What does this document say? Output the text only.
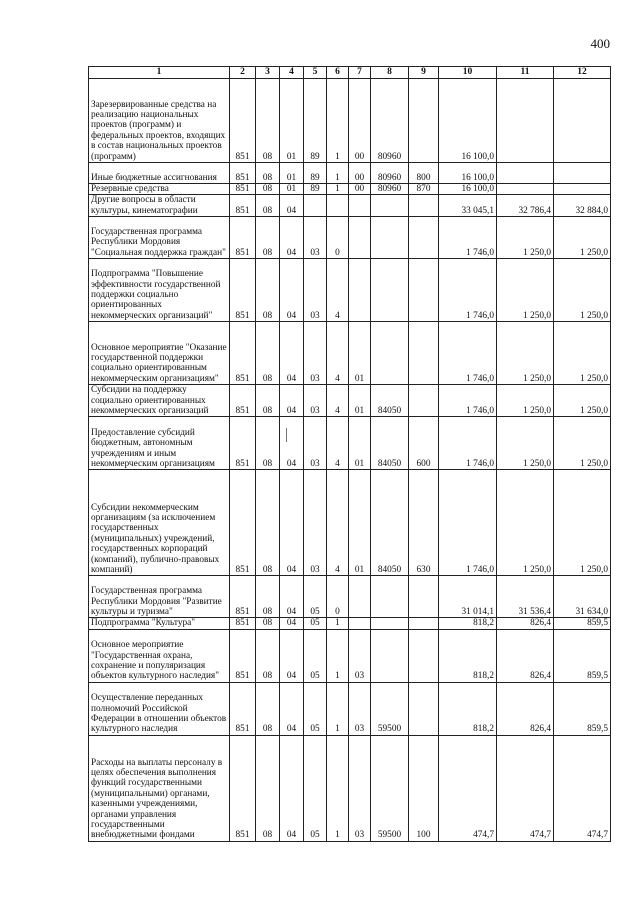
400
1	2	3	4	5	6	7	8	9	10	11	12
Зарезервированные средства на реализацию национальных проектов (программ) и федеральных проектов, входящих в состав национальных проектов (программ)	851	08	01	89	1	00	80960		16 100,0		
Иные бюджетные ассигнования	851	08	01	89	1	00	80960	800	16 100,0		
Резервные средства	851	08	01	89	1	00	80960	870	16 100,0		
Другие вопросы в области культуры, кинематографии	851	08	04						33 045,1	32 786,4	32 884,0
Государственная программа Республики Мордовия "Социальная поддержка граждан"	851	08	04	03	0				1 746,0	1 250,0	1 250,0
Подпрограмма "Повышение эффективности государственной поддержки социально ориентированных некоммерческих организаций"	851	08	04	03	4				1 746,0	1 250,0	1 250,0
Основное мероприятие "Оказание государственной поддержки социально ориентированным некоммерческим организациям"	851	08	04	03	4	01			1 746,0	1 250,0	1 250,0
Субсидии на поддержку социально ориентированных некоммерческих организаций	851	08	04	03	4	01	84050		1 746,0	1 250,0	1 250,0
Предоставление субсидий бюджетным, автономным учреждениям и иным некоммерческим организациям	851	08	04	03	4	01	84050	600	1 746,0	1 250,0	1 250,0
Субсидии некоммерческим организациям (за исключением государственных (муниципальных) учреждений, государственных корпораций (компаний), публично-правовых компаний)	851	08	04	03	4	01	84050	630	1 746,0	1 250,0	1 250,0
Государственная программа Республики Мордовия "Развитие культуры и туризма"	851	08	04	05	0				31 014,1	31 536,4	31 634,0
Подпрограмма "Культура"	851	08	04	05	1				818,2	826,4	859,5
Основное мероприятие "Государственная охрана, сохранение и популяризация объектов культурного наследия"	851	08	04	05	1	03			818,2	826,4	859,5
Осуществление переданных полномочий Российской Федерации в отношении объектов культурного наследия	851	08	04	05	1	03	59500		818,2	826,4	859,5
Расходы на выплаты персоналу в целях обеспечения выполнения функций государственными (муниципальными) органами, казенными учреждениями, органами управления государственными внебюджетными фондами	851	08	04	05	1	03	59500	100	474,7	474,7	474,7
